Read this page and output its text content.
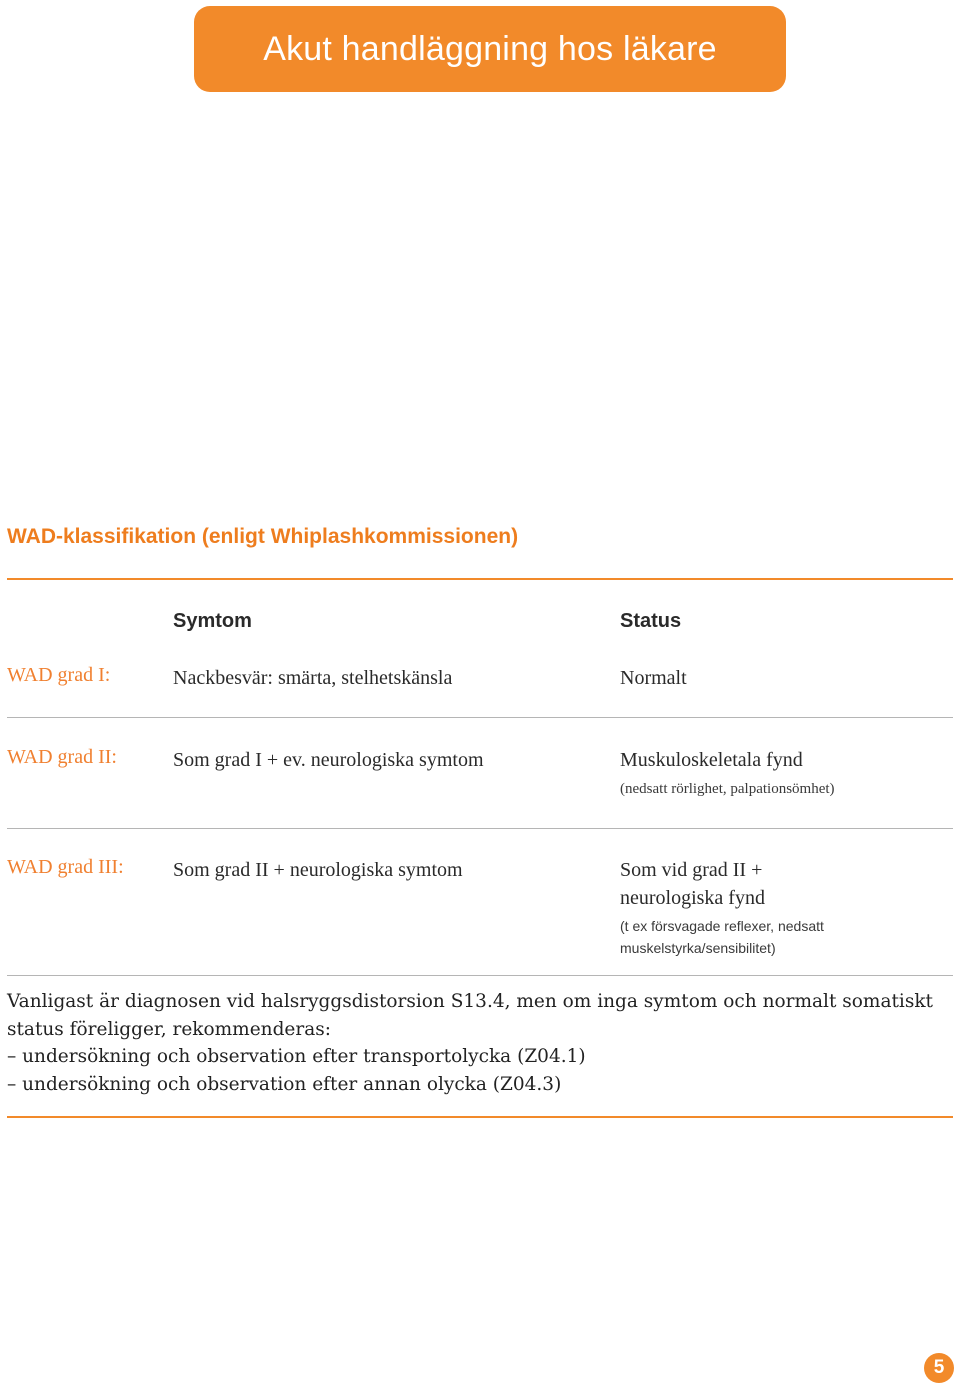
Akut handläggning hos läkare
WAD-klassifikation (enligt Whiplashkommissionen)
Symtom	Status
WAD grad I:	Nackbesvär: smärta, stelhetskänsla	Normalt
WAD grad II:	Som grad I + ev. neurologiska symtom	Muskuloskeletala fynd
(nedsatt rörlighet, palpationsömhet)
WAD grad III: Som grad II + neurologiska symtom	Som vid grad II +
neurologiska fynd
(t ex försvagade reflexer, nedsatt
muskelstyrka/sensibilitet)

Vanligast är diagnosen vid halsryggsdistorsion S13.4, men om inga symtom och normalt somatiskt

status föreligger, rekommenderas:

– undersökning och observation efter transportolycka (Z04.1)

– undersökning och observation efter annan olycka (Z04.3)

5
